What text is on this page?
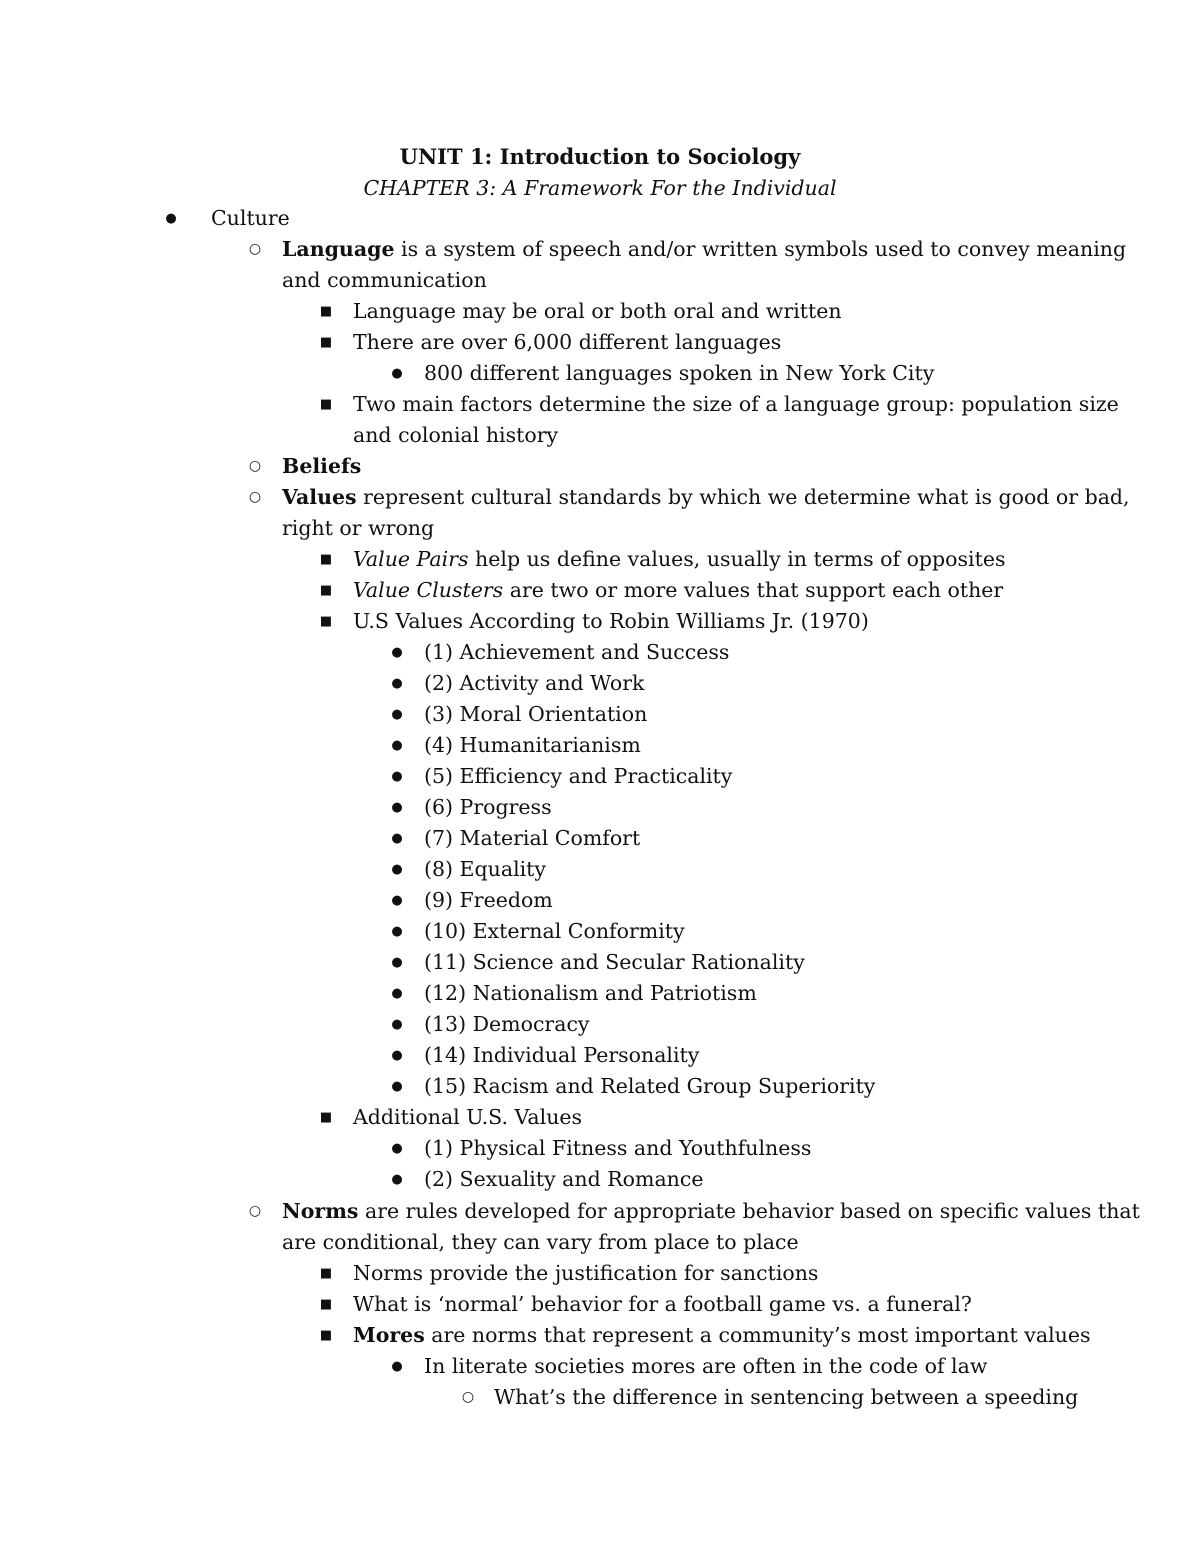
UNIT 1: Introduction to Sociology
CHAPTER 3: A Framework For the Individual
● Culture
○ Language is a system of speech and/or written symbols used to convey meaning
and communication
■ Language may be oral or both oral and written
■ There are over 6,000 different languages
● 800 different languages spoken in New York City
■ Two main factors determine the size of a language group: population size
and colonial history
○ Beliefs
○ Values represent cultural standards by which we determine what is good or bad,
right or wrong
■ Value Pairs help us define values, usually in terms of opposites
■ Value Clusters are two or more values that support each other
■ U.S Values According to Robin Williams Jr. (1970)
● (1) Achievement and Success
● (2) Activity and Work
● (3) Moral Orientation
● (4) Humanitarianism
● (5) Efficiency and Practicality
● (6) Progress
● (7) Material Comfort
● (8) Equality
● (9) Freedom
● (10) External Conformity
● (11) Science and Secular Rationality
● (12) Nationalism and Patriotism
● (13) Democracy
● (14) Individual Personality
● (15) Racism and Related Group Superiority
■ Additional U.S. Values
● (1) Physical Fitness and Youthfulness
● (2) Sexuality and Romance
○ Norms are rules developed for appropriate behavior based on specific values that
are conditional, they can vary from place to place
■ Norms provide the justification for sanctions
■ What is ‘normal’ behavior for a football game vs. a funeral?
■ Mores are norms that represent a community’s most important values
● In literate societies mores are often in the code of law
○ What’s the difference in sentencing between a speeding
